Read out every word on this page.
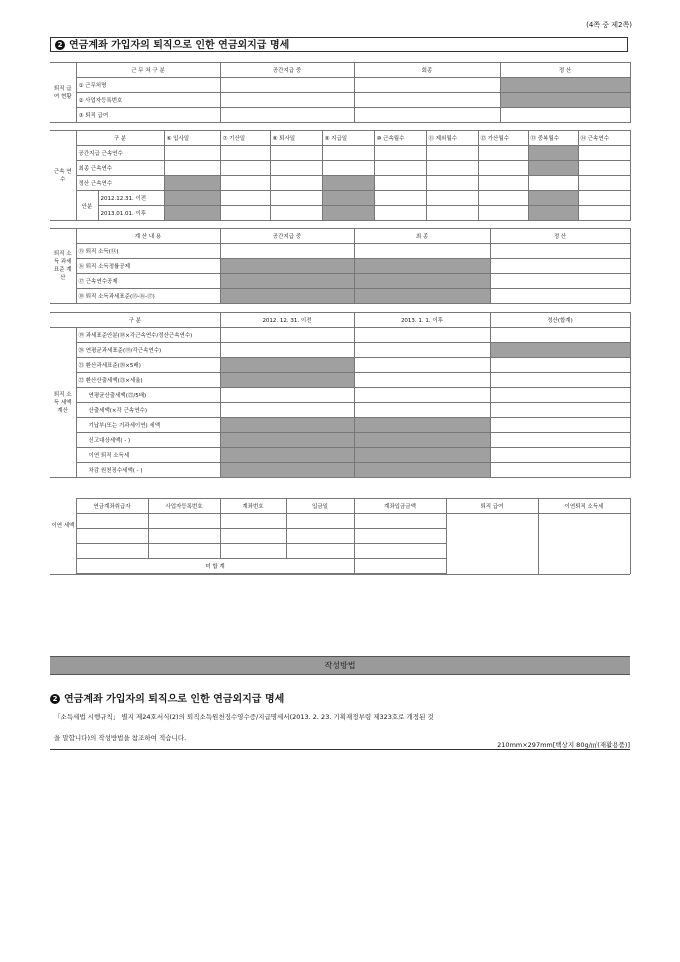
(4쪽 중 제2쪽)
2 연금계좌 가입자의 퇴직으로 인한 연금외지급 명세
퇴직 급여 현황	근 무 처 구 분	공간지급 중	회종	정 산
	① 근무처명			
	② 사업자등록번호			
	③ 퇴직 급여			
근속 연수	구 분		⑥ 입사일	⑦ 기산일	⑧ 퇴사일	⑨ 지급일	⑩ 근속월수	⑪ 제외월수	⑫ 가산월수	⑬ 중복월수	⑭ 근속연수
	공간지급 근속연수										
	최종 근속연수										
	정산 근속연수										
	안분	2012.12.31. 이전									
		2013.01.01. 이후									
퇴직 소득 과세 표준 계산	계 산 내 용	공간지급 중	최 종	정 산
	⑮ 퇴직 소득(⑭)			
	⑯ 퇴직 소득정률공제			
	⑰ 근속연수공제			
	⑱ 퇴직 소득과세표준(⑮-⑯-⑰)			
구 분		2012. 12. 31. 이전	2013. 1. 1. 이후	정산(합계)
퇴직 소득 세액 계산	⑲ 과세표준안분(⑱×각근속연수/정산근속연수)			
	⑳ 연평균과세표준(⑲/각근속연수)			
	㉑ 환산과세표준(⑳×5배)			
	㉒ 환산산출세액(㉑×세율)			
	연평균산출세액(㉒/5배)			
	산출세액(×각 근속연수)			
	기납부(또는 기과세이연) 세액			
	신고대상세액( - )			
	이연 퇴직 소득세			
	차감 원천징수세액( - )			
	연금계좌취급자	사업자등록번호	계좌번호	입금일	계좌입금금액	퇴직 급여	이연퇴직 소득세

	미 합 계						
이연 세액
작성방법
2 연금계좌 가입자의 퇴직으로 인한 연금외지급 명세
「소득세법 시행규칙」 별지 제24호서식(2)의 퇴직소득원천징수영수증/지급명세서(2013. 2. 23. 기획재정부령 제323호로 개정된 것
을 말합니다)의 작성방법을 참조하여 적습니다.
210mm×297mm[백상지 80g/㎡(재활용품)]
